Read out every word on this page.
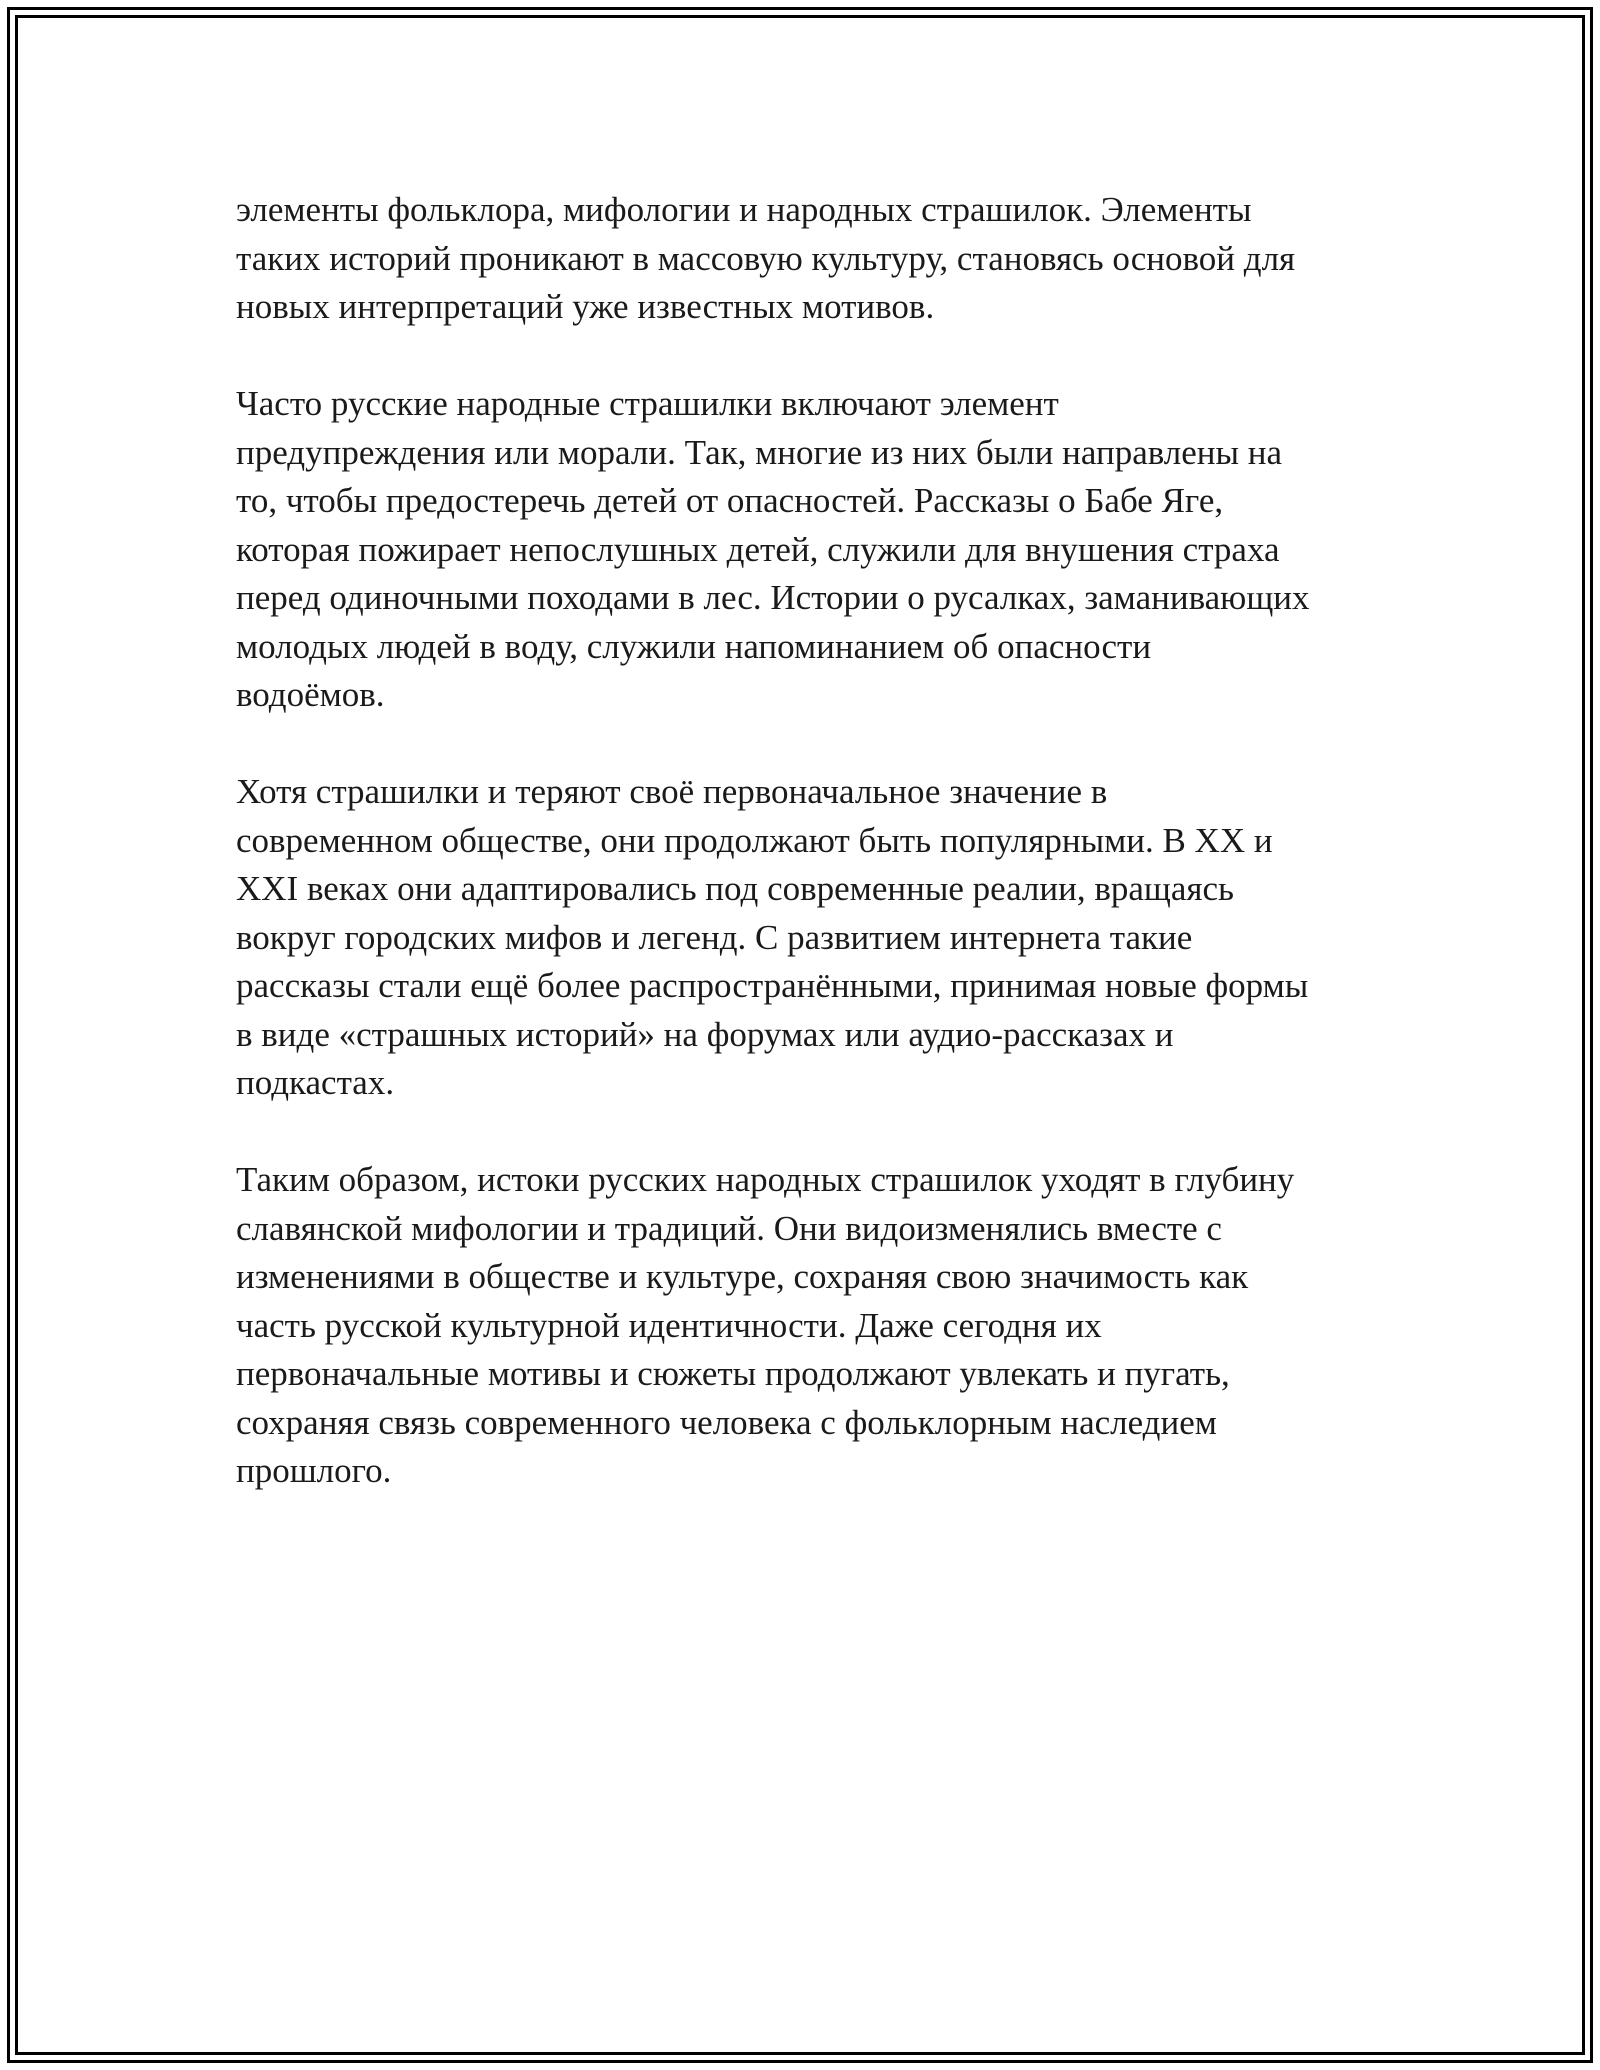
элементы фольклора, мифологии и народных страшилок. Элементы
таких историй проникают в массовую культуру, становясь основой для
новых интерпретаций уже известных мотивов.

Часто русские народные страшилки включают элемент
предупреждения или морали. Так, многие из них были направлены на
то, чтобы предостеречь детей от опасностей. Рассказы о Бабе Яге,
которая пожирает непослушных детей, служили для внушения страха
перед одиночными походами в лес. Истории о русалках, заманивающих
молодых людей в воду, служили напоминанием об опасности
водоёмов.

Хотя страшилки и теряют своё первоначальное значение в
современном обществе, они продолжают быть популярными. В XX и
XXI веках они адаптировались под современные реалии, вращаясь
вокруг городских мифов и легенд. С развитием интернета такие
рассказы стали ещё более распространёнными, принимая новые формы
в виде «страшных историй» на форумах или аудио-рассказах и
подкастах.

Таким образом, истоки русских народных страшилок уходят в глубину
славянской мифологии и традиций. Они видоизменялись вместе с
изменениями в обществе и культуре, сохраняя свою значимость как
часть русской культурной идентичности. Даже сегодня их
первоначальные мотивы и сюжеты продолжают увлекать и пугать,
сохраняя связь современного человека с фольклорным наследием
прошлого.
